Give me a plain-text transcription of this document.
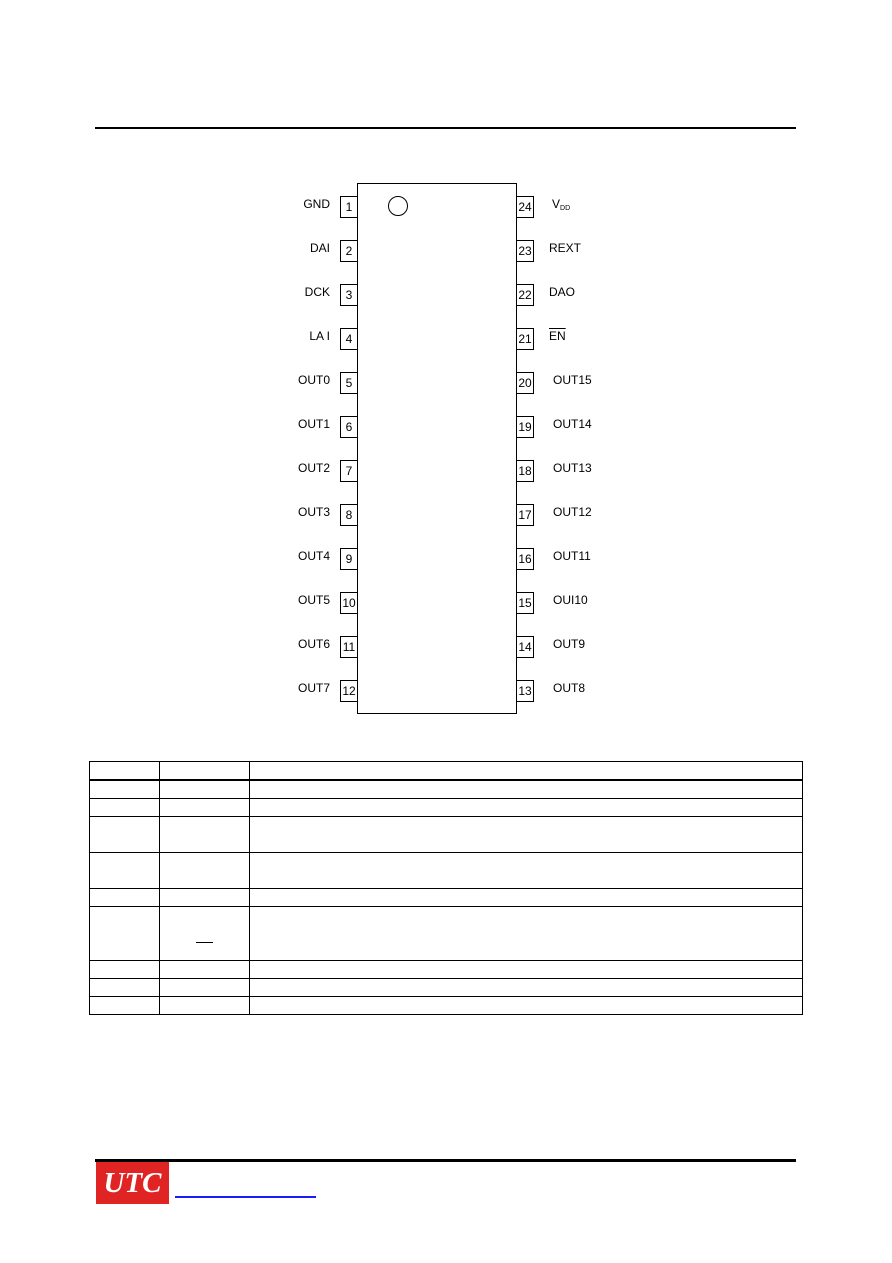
1
GND
2
DAI
3
DCK
4
LA I
5
OUT0
6
OUT1
7
OUT2
8
OUT3
9
OUT4
10
OUT5
11
OUT6
12
OUT7
24 $V_{DD}$
23 REXT
22 DAO
21 $\overline{EN}$
20 OUT15
19 OUT14
18 OUT13
17 OUT12
16 OUT11
15 OUI10
14 OUT9
13 OUT8

UTC
